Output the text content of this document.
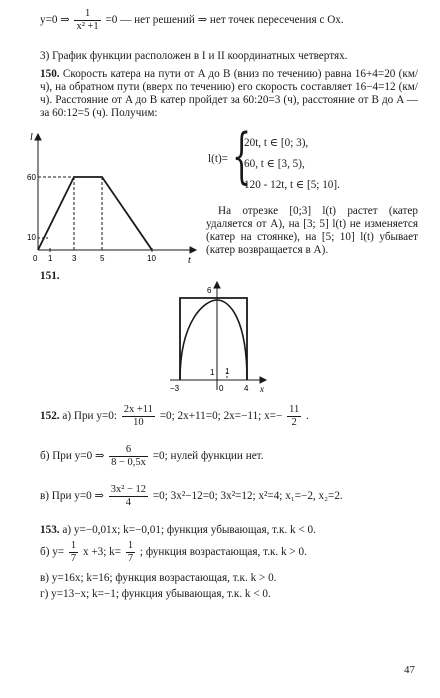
y=0 ⇒ $\frac{1}{\text{x² +1}} =0$ — нет решений ⇒ нет точек пересечения с Ox.
3) График функции расположен в I и II координатных четвертях.
150. Скорость катера на пути от A до B (вниз по течению) равна 16+4=20 (км/ч), на обратном пути (вверх по течению) его скорость составляет 16−4=12 (км/ч). Расстояние от A до B катер пройдет за 60:20=3 (ч), расстояние от B до A — за 60:12=5 (ч). Получим:
l
t
60
10
0 1 3	5	10
l(t)= {
20t, t ∈ [0; 3),
60, t ∈ [3, 5),
120 - 12t, t ∈ [5; 10].
На отрезке [0;3] l(t) растет (катер удаляется от A), на [3; 5] l(t) не изменяется (катер на стоянке), на [5; 10] l(t) убывает (катер возвращается в A).
151.
6
1
−3	0
1
4 x
152. а) При y=0: $\frac{2x +11}{10} =0$; 2x+11=0; 2x=−11; $x=- \frac{11}{2}$ .
б) При y=0 ⇒ $\frac{6}{8 - 0,5x} =0$; нулей функции нет.
в) При y=0 ⇒ $\frac{\text{3x² − 12}}{4} =0$; 3x²−12=0; 3x²=12; x²=4; x₁=−2, x₂=2.
153. а) y=−0,01x; k=−0,01; функция убывающая, т.к. k < 0.
б) $y= \frac{1}{7}$ x +3; $k= \frac{1}{7}$ ; функция возрастающая, т.к. k > 0.
в) y=16x; k=16; функция возрастающая, т.к. k > 0.
г) y=13−x; k=−1; функция убывающая, т.к. k < 0.
47
